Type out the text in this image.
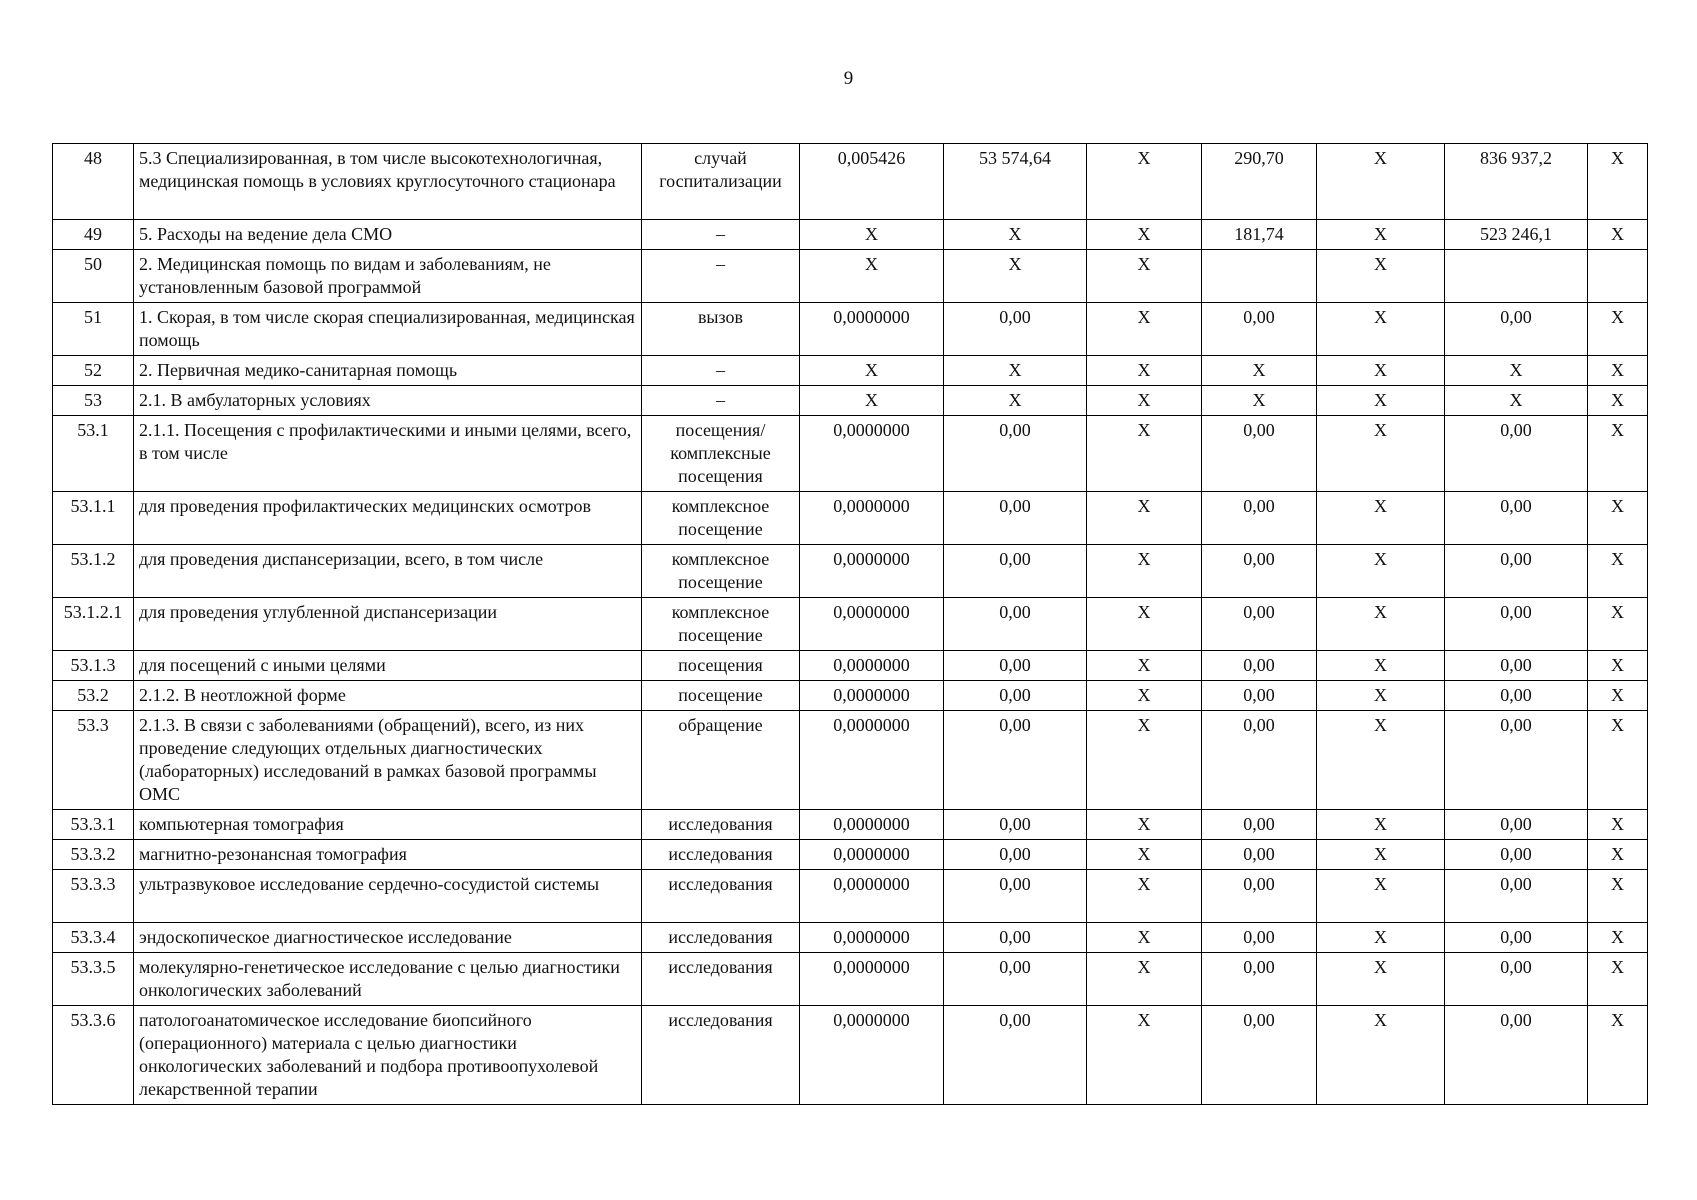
9
48	5.3 Специализированная, в том числе высокотехнологичная, медицинская помощь в условиях круглосуточного стационара	случай госпитализации	0,005426	53 574,64	Х	290,70	Х	836 937,2	Х
49	5. Расходы на ведение дела СМО	–	Х	Х	Х	181,74	Х	523 246,1	Х
50	2. Медицинская помощь по видам и заболеваниям, не установленным базовой программой	–	Х	Х	Х		Х		
51	1. Скорая, в том числе скорая специализированная, медицинская помощь	вызов	0,0000000	0,00	Х	0,00	Х	0,00	Х
52	2. Первичная медико-санитарная помощь	–	Х	Х	Х	Х	Х	Х	Х
53	2.1. В амбулаторных условиях	–	Х	Х	Х	Х	Х	Х	Х
53.1	2.1.1. Посещения с профилактическими и иными целями, всего, в том числе	посещения/ комплексные посещения	0,0000000	0,00	Х	0,00	Х	0,00	Х
53.1.1	для проведения профилактических медицинских осмотров	комплексное посещение	0,0000000	0,00	Х	0,00	Х	0,00	Х
53.1.2	для проведения диспансеризации, всего, в том числе	комплексное посещение	0,0000000	0,00	Х	0,00	Х	0,00	Х
53.1.2.1	для проведения углубленной диспансеризации	комплексное посещение	0,0000000	0,00	Х	0,00	Х	0,00	Х
53.1.3	для посещений с иными целями	посещения	0,0000000	0,00	Х	0,00	Х	0,00	Х
53.2	2.1.2. В неотложной форме	посещение	0,0000000	0,00	Х	0,00	Х	0,00	Х
53.3	2.1.3. В связи с заболеваниями (обращений), всего, из них проведение следующих отдельных диагностических (лабораторных) исследований в рамках базовой программы ОМС	обращение	0,0000000	0,00	Х	0,00	Х	0,00	Х
53.3.1	компьютерная томография	исследования	0,0000000	0,00	Х	0,00	Х	0,00	Х
53.3.2	магнитно-резонансная томография	исследования	0,0000000	0,00	Х	0,00	Х	0,00	Х
53.3.3	ультразвуковое исследование сердечно-сосудистой системы	исследования	0,0000000	0,00	Х	0,00	Х	0,00	Х
53.3.4	эндоскопическое диагностическое исследование	исследования	0,0000000	0,00	Х	0,00	Х	0,00	Х
53.3.5	молекулярно-генетическое исследование с целью диагностики онкологических заболеваний	исследования	0,0000000	0,00	Х	0,00	Х	0,00	Х
53.3.6	патологоанатомическое исследование биопсийного (операционного) материала с целью диагностики онкологических заболеваний и подбора противоопухолевой лекарственной терапии	исследования	0,0000000	0,00	Х	0,00	Х	0,00	Х
